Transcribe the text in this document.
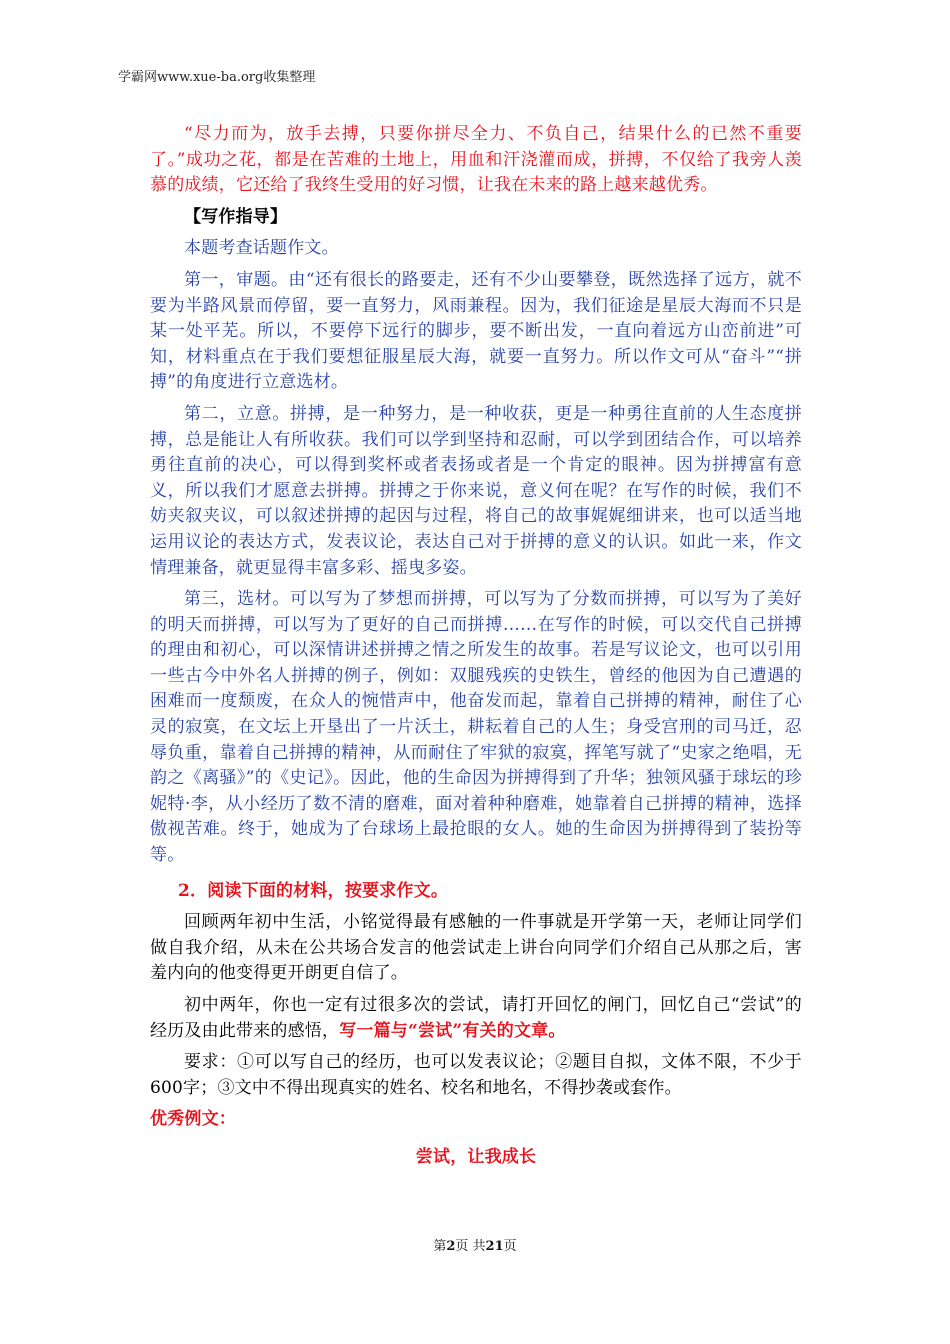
学霸网www.xue-ba.org收集整理

“尽力而为，放手去搏，只要你拼尽全力、不负自己，结果什么的已然不重要了。”成功之花，都是在苦难的土地上，用血和汗浇灌而成，拼搏，不仅给了我旁人羡慕的成绩，它还给了我终生受用的好习惯，让我在未来的路上越来越优秀。

【写作指导】

本题考查话题作文。

第一，审题。由“还有很长的路要走，还有不少山要攀登，既然选择了远方，就不要为半路风景而停留，要一直努力，风雨兼程。因为，我们征途是星辰大海而不只是某一处平芜。所以，不要停下远行的脚步，要不断出发，一直向着远方山峦前进”可知，材料重点在于我们要想征服星辰大海，就要一直努力。所以作文可从“奋斗”“拼搏”的角度进行立意选材。

第二，立意。拼搏，是一种努力，是一种收获，更是一种勇往直前的人生态度拼搏，总是能让人有所收获。我们可以学到坚持和忍耐，可以学到团结合作，可以培养勇往直前的决心，可以得到奖杯或者表扬或者是一个肯定的眼神。因为拼搏富有意义，所以我们才愿意去拼搏。拼搏之于你来说，意义何在呢？在写作的时候，我们不妨夹叙夹议，可以叙述拼搏的起因与过程，将自己的故事娓娓细讲来，也可以适当地运用议论的表达方式，发表议论，表达自己对于拼搏的意义的认识。如此一来，作文情理兼备，就更显得丰富多彩、摇曳多姿。

第三，选材。可以写为了梦想而拼搏，可以写为了分数而拼搏，可以写为了美好的明天而拼搏，可以写为了更好的自己而拼搏……在写作的时候，可以交代自己拼搏的理由和初心，可以深情讲述拼搏之情之所发生的故事。若是写议论文，也可以引用一些古今中外名人拼搏的例子，例如：双腿残疾的史铁生，曾经的他因为自己遭遇的困难而一度颓废，在众人的惋惜声中，他奋发而起，靠着自己拼搏的精神，耐住了心灵的寂寞，在文坛上开垦出了一片沃土，耕耘着自己的人生；身受宫刑的司马迁，忍辱负重，靠着自己拼搏的精神，从而耐住了牢狱的寂寞，挥笔写就了“史家之绝唱，无韵之《离骚》”的《史记》。因此，他的生命因为拼搏得到了升华；独领风骚于球坛的珍妮特·李，从小经历了数不清的磨难，面对着种种磨难，她靠着自己拼搏的精神，选择傲视苦难。终于，她成为了台球场上最抢眼的女人。她的生命因为拼搏得到了装扮等等。

2．阅读下面的材料，按要求作文。

回顾两年初中生活，小铭觉得最有感触的一件事就是开学第一天，老师让同学们做自我介绍，从未在公共场合发言的他尝试走上讲台向同学们介绍自己从那之后，害羞内向的他变得更开朗更自信了。

初中两年，你也一定有过很多次的尝试，请打开回忆的闸门，回忆自己“尝试”的经历及由此带来的感悟，写一篇与“尝试”有关的文章。

要求：①可以写自己的经历，也可以发表议论；②题目自拟，文体不限，不少于600字；③文中不得出现真实的姓名、校名和地名，不得抄袭或套作。

优秀例文：

尝试，让我成长

第2页 共21页
